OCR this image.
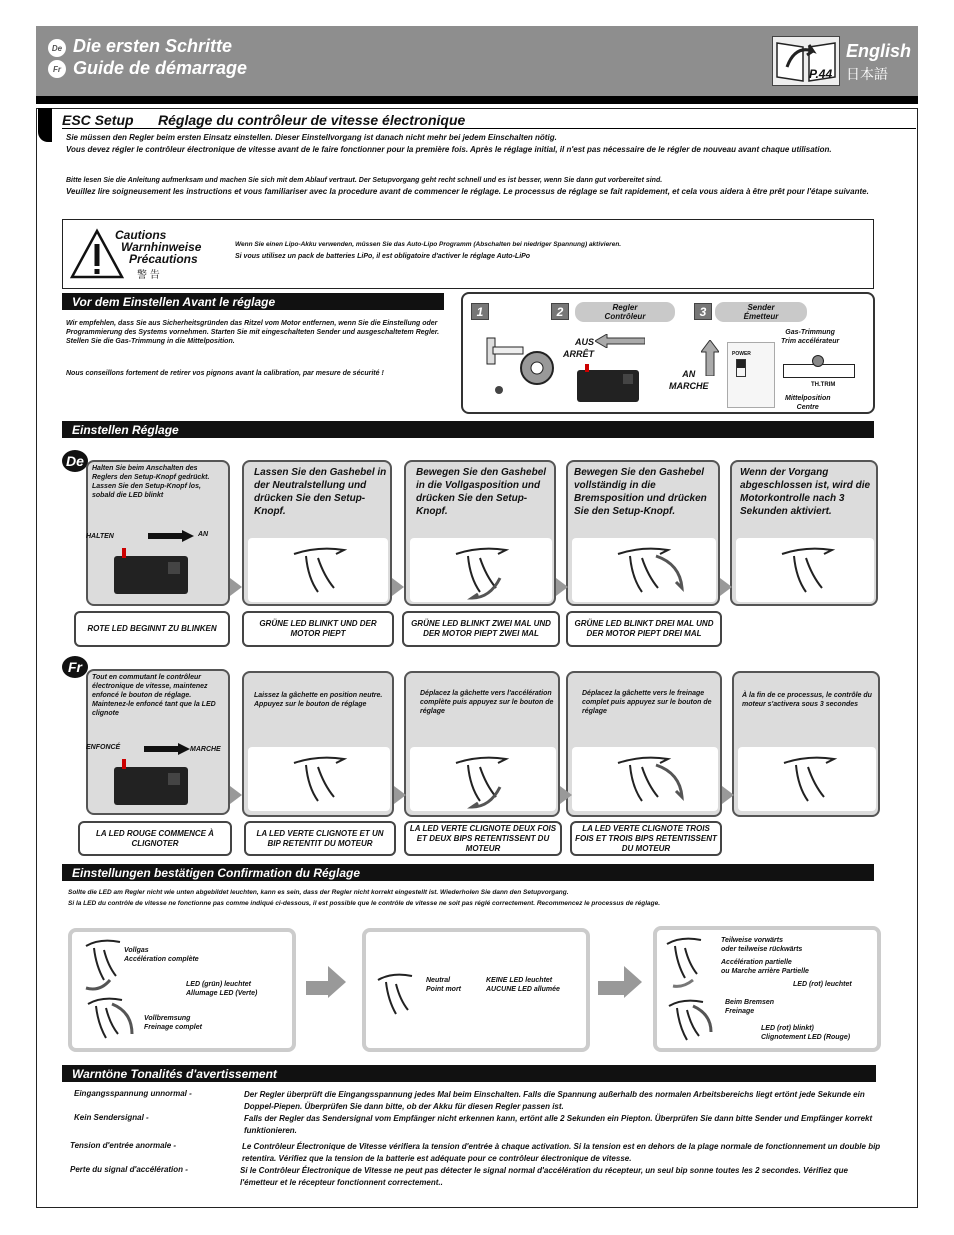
De
Fr
Die ersten Schritte
Guide de démarrage	P.44
English
日本語
ESC Setup Réglage du contrôleur de vitesse électronique
Sie müssen den Regler beim ersten Einsatz einstellen. Dieser Einstellvorgang ist danach nicht mehr bei jedem Einschalten nötig.
Vous devez régler le contrôleur électronique de vitesse avant de le faire fonctionner pour la première fois. Après le réglage initial, il n'est pas nécessaire de le régler de nouveau avant chaque utilisation.
Bitte lesen Sie die Anleitung aufmerksam und machen Sie sich mit dem Ablauf vertraut. Der Setupvorgang geht recht schnell und es ist besser, wenn Sie dann gut vorbereitet sind.
Veuillez lire soigneusement les instructions et vous familiariser avec la procedure avant de commencer le réglage. Le processus de réglage se fait rapidement, et cela vous aidera à être prêt pour l'étape suivante.
Cautions
Warnhinweise
Précautions
警 告
Wenn Sie einen Lipo-Akku verwenden, müssen Sie das Auto-Lipo Programm (Abschalten bei niedriger Spannung) aktivieren.
Si vous utilisez un pack de batteries LiPo, il est obligatoire d'activer le réglage Auto-LiPo
Vor dem Einstellen Avant le réglage
Wir empfehlen, dass Sie aus Sicherheitsgründen das Ritzel vom Motor entfernen, wenn Sie die Einstellung oder Programmierung des Systems vornehmen. Starten Sie mit eingeschalteten Sender und ausgeschaltetem Regler. Stellen Sie die Gas-Trimmung in die Mittelposition.
Nous conseillons fortement de retirer vos pignons avant la calibration, par mesure de sécurité !
1	2	Regler
Contrôleur	3	Sender
Émetteur
AUS
ARRÊT
AN
MARCHE
POWER
Gas-Trimmung
Trim accélérateur
TH.TRIM
Mittelposition
Centre
Einstellen Réglage
De	Halten Sie beim Anschalten des Reglers den Setup-Knopf gedrückt. Lassen Sie den Setup-Knopf los, sobald die LED blinkt
HALTEN	AN
Lassen Sie den Gashebel in der Neutralstellung und drücken Sie den Setup-Knopf.
Bewegen Sie den Gashebel in die Vollgasposition und drücken Sie den Setup-Knopf.
Bewegen Sie den Gashebel vollständig in die Bremsposition und drücken Sie den Setup-Knopf.
Wenn der Vorgang abgeschlossen ist, wird die Motorkontrolle nach 3 Sekunden aktiviert.
ROTE LED BEGINNT ZU BLINKEN
GRÜNE LED BLINKT UND DER MOTOR PIEPT
GRÜNE LED BLINKT ZWEI MAL UND DER MOTOR PIEPT ZWEI MAL
GRÜNE LED BLINKT DREI MAL UND DER MOTOR PIEPT DREI MAL
Fr
Tout en commutant le contrôleur électronique de vitesse, maintenez enfoncé le bouton de réglage. Maintenez-le enfoncé tant que la LED clignote
ENFONCÉ	MARCHE
Laissez la gâchette en position neutre. Appuyez sur le bouton de réglage
Déplacez la gâchette vers l'accélération complète puis appuyez sur le bouton de réglage
Déplacez la gâchette vers le freinage complet puis appuyez sur le bouton de réglage
À la fin de ce processus, le contrôle du moteur s'activera sous 3 secondes
LA LED ROUGE COMMENCE À CLIGNOTER
LA LED VERTE CLIGNOTE ET UN BIP RETENTIT DU MOTEUR
LA LED VERTE CLIGNOTE DEUX FOIS ET DEUX BIPS RETENTISSENT DU MOTEUR
LA LED VERTE CLIGNOTE TROIS FOIS ET TROIS BIPS RETENTISSENT DU MOTEUR
Einstellungen bestätigen Confirmation du Réglage
Sollte die LED am Regler nicht wie unten abgebildet leuchten, kann es sein, dass der Regler nicht korrekt eingestellt ist. Wiederholen Sie dann den Setupvorgang.
Si la LED du contrôle de vitesse ne fonctionne pas comme indiqué ci-dessous, il est possible que le contrôle de vitesse ne soit pas réglé correctement. Recommencez le processus de réglage.
Vollgas
Accélération complète
LED (grün) leuchtet
Allumage LED (Verte)
Vollbremsung
Freinage complet
Neutral
Point mort
KEINE LED leuchtet
AUCUNE LED allumée
Teilweise vorwärts
oder teilweise rückwärts
Accélération partielle
ou Marche arrière Partielle
LED (rot) leuchtet
Beim Bremsen
Freinage
LED (rot) blinkt)
Clignotement LED (Rouge)
Warntöne Tonalités d'avertissement
Eingangsspannung unnormal -	Der Regler überprüft die Eingangsspannung jedes Mal beim Einschalten. Falls die Spannung außerhalb des normalen Arbeitsbereichs liegt ertönt jede Sekunde ein Doppel-Piepen. Überprüfen Sie dann bitte, ob der Akku für diesen Regler passen ist.
Kein Sendersignal -	Falls der Regler das Sendersignal vom Empfänger nicht erkennen kann, ertönt alle 2 Sekunden ein Piepton. Überprüfen Sie dann bitte Sender und Empfänger korrekt funktionieren.
Tension d'entrée anormale -	Le Contrôleur Électronique de Vitesse vérifiera la tension d'entrée à chaque activation. Si la tension est en dehors de la plage normale de fonctionnement un double bip retentira. Vérifiez que la tension de la batterie est adéquate pour ce contrôleur électronique de vitesse.
Perte du signal d'accélération -	Si le Contrôleur Électronique de Vitesse ne peut pas détecter le signal normal d'accélération du récepteur, un seul bip sonne toutes les 2 secondes. Vérifiez que l'émetteur et le récepteur fonctionnent correctement..
